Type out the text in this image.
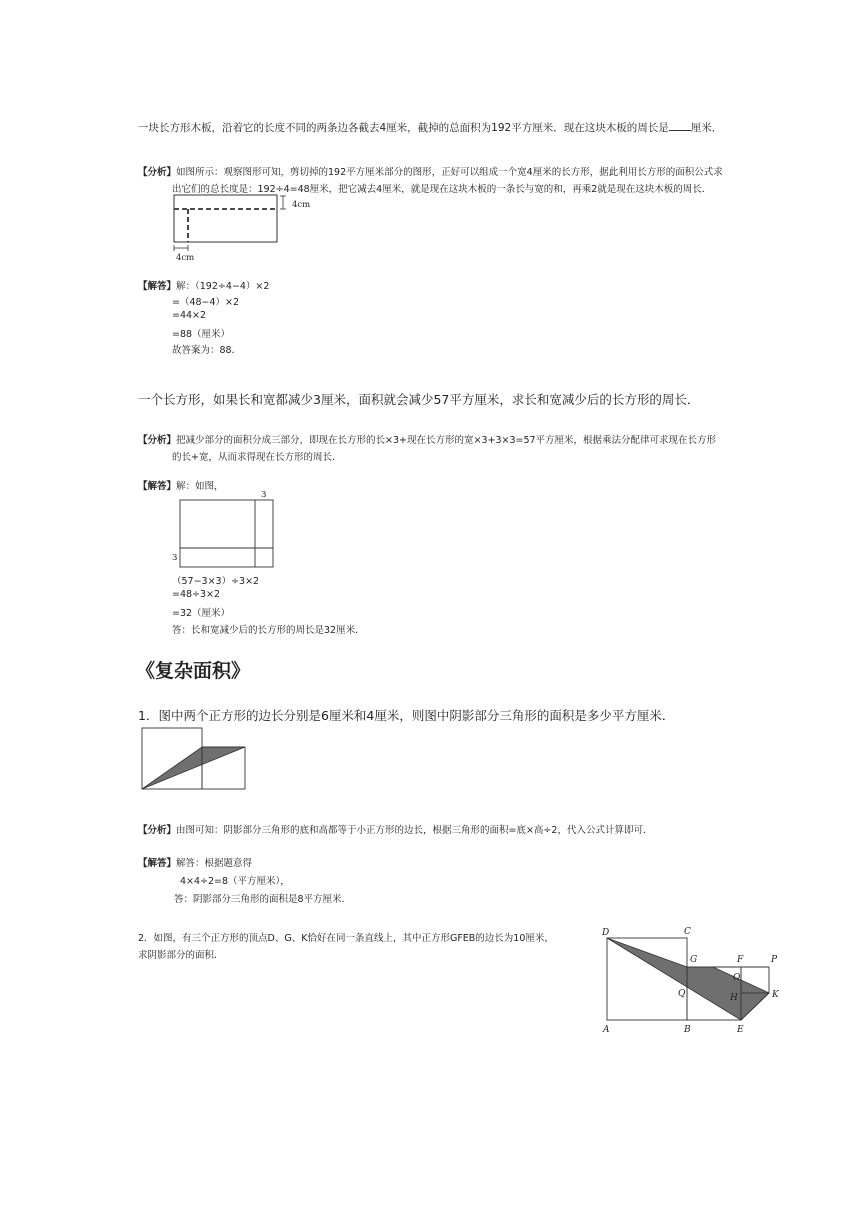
一块长方形木板，沿着它的长度不同的两条边各截去4厘米，截掉的总面积为192平方厘米．现在这块木板的周长是 厘米．
【分析】如图所示：观察图形可知，剪切掉的192平方厘米部分的图形，正好可以组成一个宽4厘米的长方形，据此利用长方形的面积公式求
出它们的总长度是：192÷4=48厘米，把它减去4厘米，就是现在这块木板的一条长与宽的和，再乘2就是现在这块木板的周长．
4cm
4cm
【解答】解：（192÷4−4）×2
=（48−4）×2
=44×2
=88（厘米）
故答案为：88．
一个长方形，如果长和宽都减少3厘米，面积就会减少57平方厘米，求长和宽减少后的长方形的周长．
【分析】把减少部分的面积分成三部分，即现在长方形的长×3+现在长方形的宽×3+3×3=57平方厘米，根据乘法分配律可求现在长方形
的长+宽，从而求得现在长方形的周长．
【解答】解：如图，
3
3
（57−3×3）÷3×2
=48÷3×2
=32（厘米）
答：长和宽减少后的长方形的周长是32厘米．
《复杂面积》
1．图中两个正方形的边长分别是6厘米和4厘米，则图中阴影部分三角形的面积是多少平方厘米．
【分析】由图可知：阴影部分三角形的底和高都等于小正方形的边长，根据三角形的面积=底×高÷2，代入公式计算即可．
【解答】解答：根据题意得
4×4÷2=8（平方厘米），
答：阴影部分三角形的面积是8平方厘米．
2．如图，有三个正方形的顶点D、G、K恰好在同一条直线上，其中正方形GFEB的边长为10厘米，
求阴影部分的面积．
D	C
F	P
G
O
Q	H	K
A	B	E
